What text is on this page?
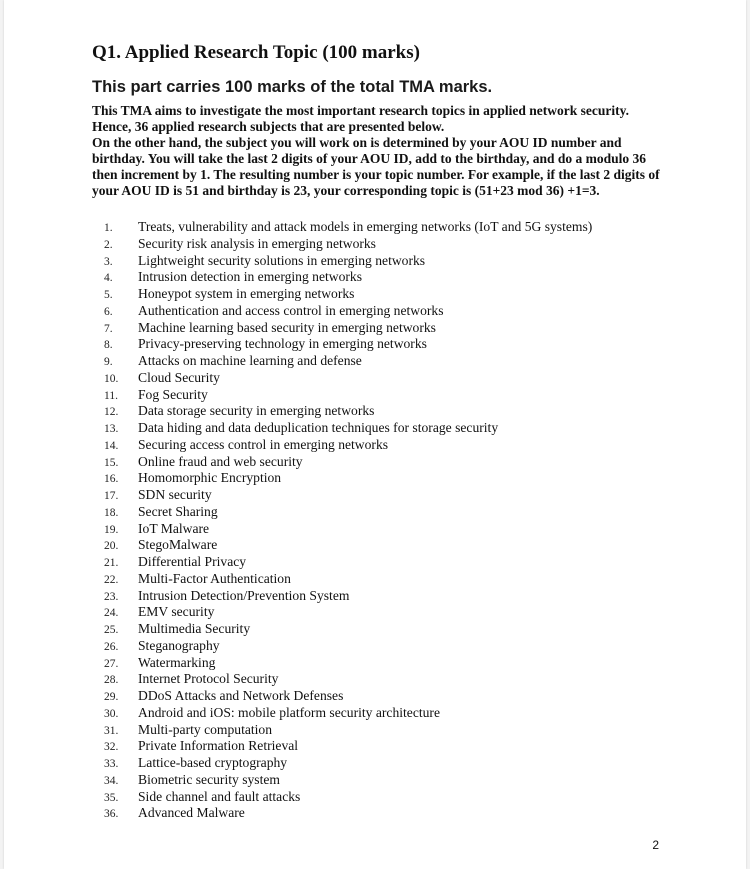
Q1. Applied Research Topic (100 marks)
This part carries 100 marks of the total TMA marks.

This TMA aims to investigate the most important research topics in applied network security. Hence, 36 applied research subjects that are presented below.

On the other hand, the subject you will work on is determined by your AOU ID number and birthday. You will take the last 2 digits of your AOU ID, add to the birthday, and do a modulo 36 then increment by 1. The resulting number is your topic number. For example, if the last 2 digits of your AOU ID is 51 and birthday is 23, your corresponding topic is (51+23 mod 36) +1=3.

1.	Treats, vulnerability and attack models in emerging networks (IoT and 5G systems)
2.	Security risk analysis in emerging networks
3.	Lightweight security solutions in emerging networks
4.	Intrusion detection in emerging networks
5.	Honeypot system in emerging networks
6.	Authentication and access control in emerging networks
7.	Machine learning based security in emerging networks
8.	Privacy-preserving technology in emerging networks
9.	Attacks on machine learning and defense
10.	Cloud Security
11.	Fog Security
12.	Data storage security in emerging networks
13.	Data hiding and data deduplication techniques for storage security
14.	Securing access control in emerging networks
15.	Online fraud and web security
16.	Homomorphic Encryption
17.	SDN security
18.	Secret Sharing
19.	IoT Malware
20.	StegoMalware
21.	Differential Privacy
22.	Multi-Factor Authentication
23.	Intrusion Detection/Prevention System
24.	EMV security
25.	Multimedia Security
26.	Steganography
27.	Watermarking
28.	Internet Protocol Security
29.	DDoS Attacks and Network Defenses
30.	Android and iOS: mobile platform security architecture
31.	Multi-party computation
32.	Private Information Retrieval
33.	Lattice-based cryptography
34.	Biometric security system
35.	Side channel and fault attacks
36.	Advanced Malware
2
